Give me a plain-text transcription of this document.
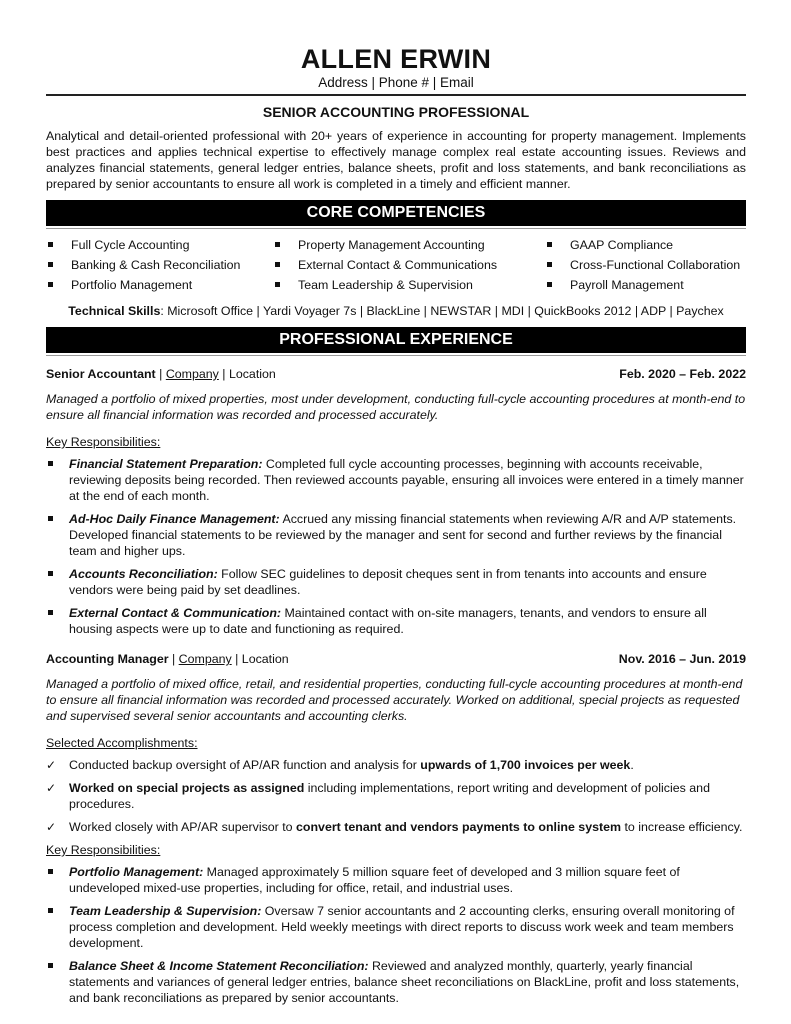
ALLEN ERWIN
Address | Phone # | Email
SENIOR ACCOUNTING PROFESSIONAL
Analytical and detail-oriented professional with 20+ years of experience in accounting for property management. Implements best practices and applies technical expertise to effectively manage complex real estate accounting issues. Reviews and analyzes financial statements, general ledger entries, balance sheets, profit and loss statements, and bank reconciliations as prepared by senior accountants to ensure all work is completed in a timely and efficient manner.
CORE COMPETENCIES
Full Cycle Accounting
Banking & Cash Reconciliation
Portfolio Management
Property Management Accounting
External Contact & Communications
Team Leadership & Supervision
GAAP Compliance
Cross-Functional Collaboration
Payroll Management
Technical Skills: Microsoft Office | Yardi Voyager 7s | BlackLine | NEWSTAR | MDI | QuickBooks 2012 | ADP | Paychex
PROFESSIONAL EXPERIENCE
Senior Accountant | Company | Location	Feb. 2020 – Feb. 2022
Managed a portfolio of mixed properties, most under development, conducting full-cycle accounting procedures at month-end to ensure all financial information was recorded and processed accurately.
Key Responsibilities:
Financial Statement Preparation: Completed full cycle accounting processes, beginning with accounts receivable, reviewing deposits being recorded. Then reviewed accounts payable, ensuring all invoices were entered in a timely manner at the end of each month.
Ad-Hoc Daily Finance Management: Accrued any missing financial statements when reviewing A/R and A/P statements. Developed financial statements to be reviewed by the manager and sent for second and further reviews by the financial team and higher ups.
Accounts Reconciliation: Follow SEC guidelines to deposit cheques sent in from tenants into accounts and ensure vendors were being paid by set deadlines.
External Contact & Communication: Maintained contact with on-site managers, tenants, and vendors to ensure all housing aspects were up to date and functioning as required.
Accounting Manager | Company | Location	Nov. 2016 – Jun. 2019
Managed a portfolio of mixed office, retail, and residential properties, conducting full-cycle accounting procedures at month-end to ensure all financial information was recorded and processed accurately. Worked on additional, special projects as requested and supervised several senior accountants and accounting clerks.
Selected Accomplishments:
✓ Conducted backup oversight of AP/AR function and analysis for upwards of 1,700 invoices per week.
✓ Worked on special projects as assigned including implementations, report writing and development of policies and procedures.
✓ Worked closely with AP/AR supervisor to convert tenant and vendors payments to online system to increase efficiency.
Key Responsibilities:
Portfolio Management: Managed approximately 5 million square feet of developed and 3 million square feet of undeveloped mixed-use properties, including for office, retail, and industrial uses.
Team Leadership & Supervision: Oversaw 7 senior accountants and 2 accounting clerks, ensuring overall monitoring of process completion and development. Held weekly meetings with direct reports to discuss work week and team members development.
Balance Sheet & Income Statement Reconciliation: Reviewed and analyzed monthly, quarterly, yearly financial statements and variances of general ledger entries, balance sheet reconciliations on BlackLine, profit and loss statements, and bank reconciliations as prepared by senior accountants.
